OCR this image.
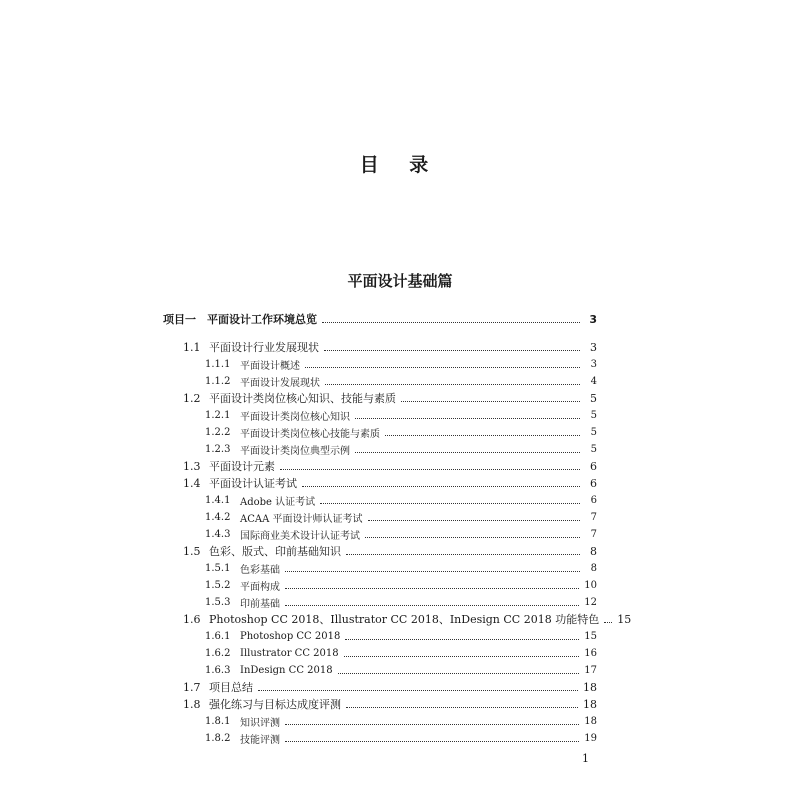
目 录
平面设计基础篇
项目一	平面设计工作环境总览	3
1.1 平面设计行业发展现状	3
1.1.1 平面设计概述	3
1.1.2 平面设计发展现状	4
1.2 平面设计类岗位核心知识、技能与素质	5
1.2.1 平面设计类岗位核心知识	5
1.2.2 平面设计类岗位核心技能与素质	5
1.2.3 平面设计类岗位典型示例	5
1.3 平面设计元素	6
1.4 平面设计认证考试	6
1.4.1 Adobe 认证考试	6
1.4.2 ACAA 平面设计师认证考试	7
1.4.3 国际商业美术设计认证考试	7
1.5 色彩、版式、印前基础知识	8
1.5.1 色彩基础	8
1.5.2 平面构成	10
1.5.3 印前基础	12
1.6 Photoshop CC 2018、Illustrator CC 2018、InDesign CC 2018 功能特色 15
1.6.1 Photoshop CC 2018	15
1.6.2 Illustrator CC 2018	16
1.6.3 InDesign CC 2018	17
1.7 项目总结	18
1.8 强化练习与目标达成度评测	18
1.8.1 知识评测	18
1.8.2 技能评测	19

1
